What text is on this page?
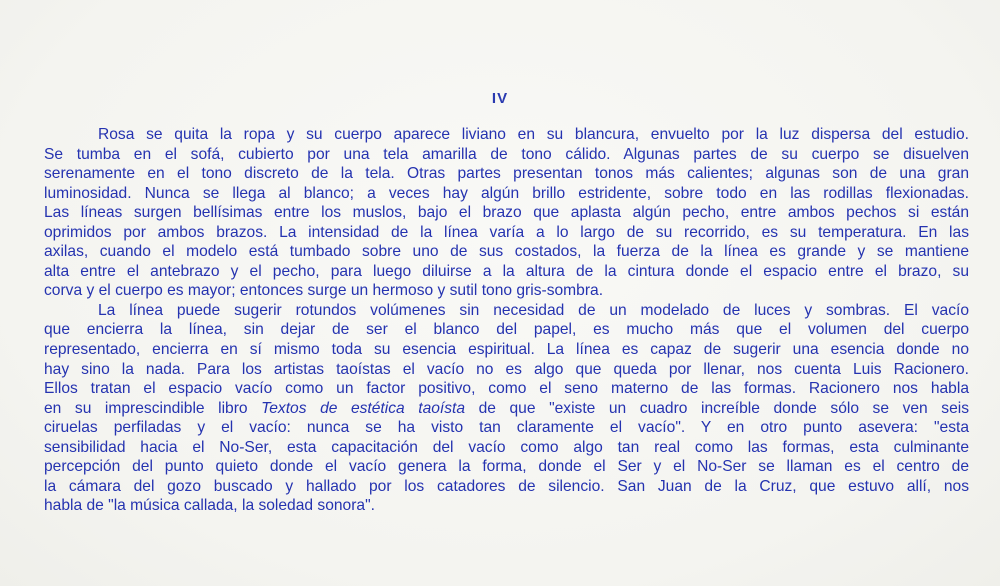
IV
Rosa se quita la ropa y su cuerpo aparece liviano en su blancura, envuelto por la luz dispersa del estudio.
Se tumba en el sofá, cubierto por una tela amarilla de tono cálido. Algunas partes de su cuerpo se disuelven
serenamente en el tono discreto de la tela. Otras partes presentan tonos más calientes; algunas son de una gran
luminosidad. Nunca se llega al blanco; a veces hay algún brillo estridente, sobre todo en las rodillas flexionadas.
Las líneas surgen bellísimas entre los muslos, bajo el brazo que aplasta algún pecho, entre ambos pechos si están
oprimidos por ambos brazos. La intensidad de la línea varía a lo largo de su recorrido, es su temperatura. En las
axilas, cuando el modelo está tumbado sobre uno de sus costados, la fuerza de la línea es grande y se mantiene
alta entre el antebrazo y el pecho, para luego diluirse a la altura de la cintura donde el espacio entre el brazo, su
corva y el cuerpo es mayor; entonces surge un hermoso y sutil tono gris-sombra.
La línea puede sugerir rotundos volúmenes sin necesidad de un modelado de luces y sombras. El vacío
que encierra la línea, sin dejar de ser el blanco del papel, es mucho más que el volumen del cuerpo
representado, encierra en sí mismo toda su esencia espiritual. La línea es capaz de sugerir una esencia donde no
hay sino la nada. Para los artistas taoístas el vacío no es algo que queda por llenar, nos cuenta Luis Racionero.
Ellos tratan el espacio vacío como un factor positivo, como el seno materno de las formas. Racionero nos habla
en su imprescindible libro Textos de estética taoísta de que "existe un cuadro increíble donde sólo se ven seis
ciruelas perfiladas y el vacío: nunca se ha visto tan claramente el vacío". Y en otro punto asevera: "esta
sensibilidad hacia el No-Ser, esta capacitación del vacío como algo tan real como las formas, esta culminante
percepción del punto quieto donde el vacío genera la forma, donde el Ser y el No-Ser se llaman es el centro de
la cámara del gozo buscado y hallado por los catadores de silencio. San Juan de la Cruz, que estuvo allí, nos
habla de "la música callada, la soledad sonora".
